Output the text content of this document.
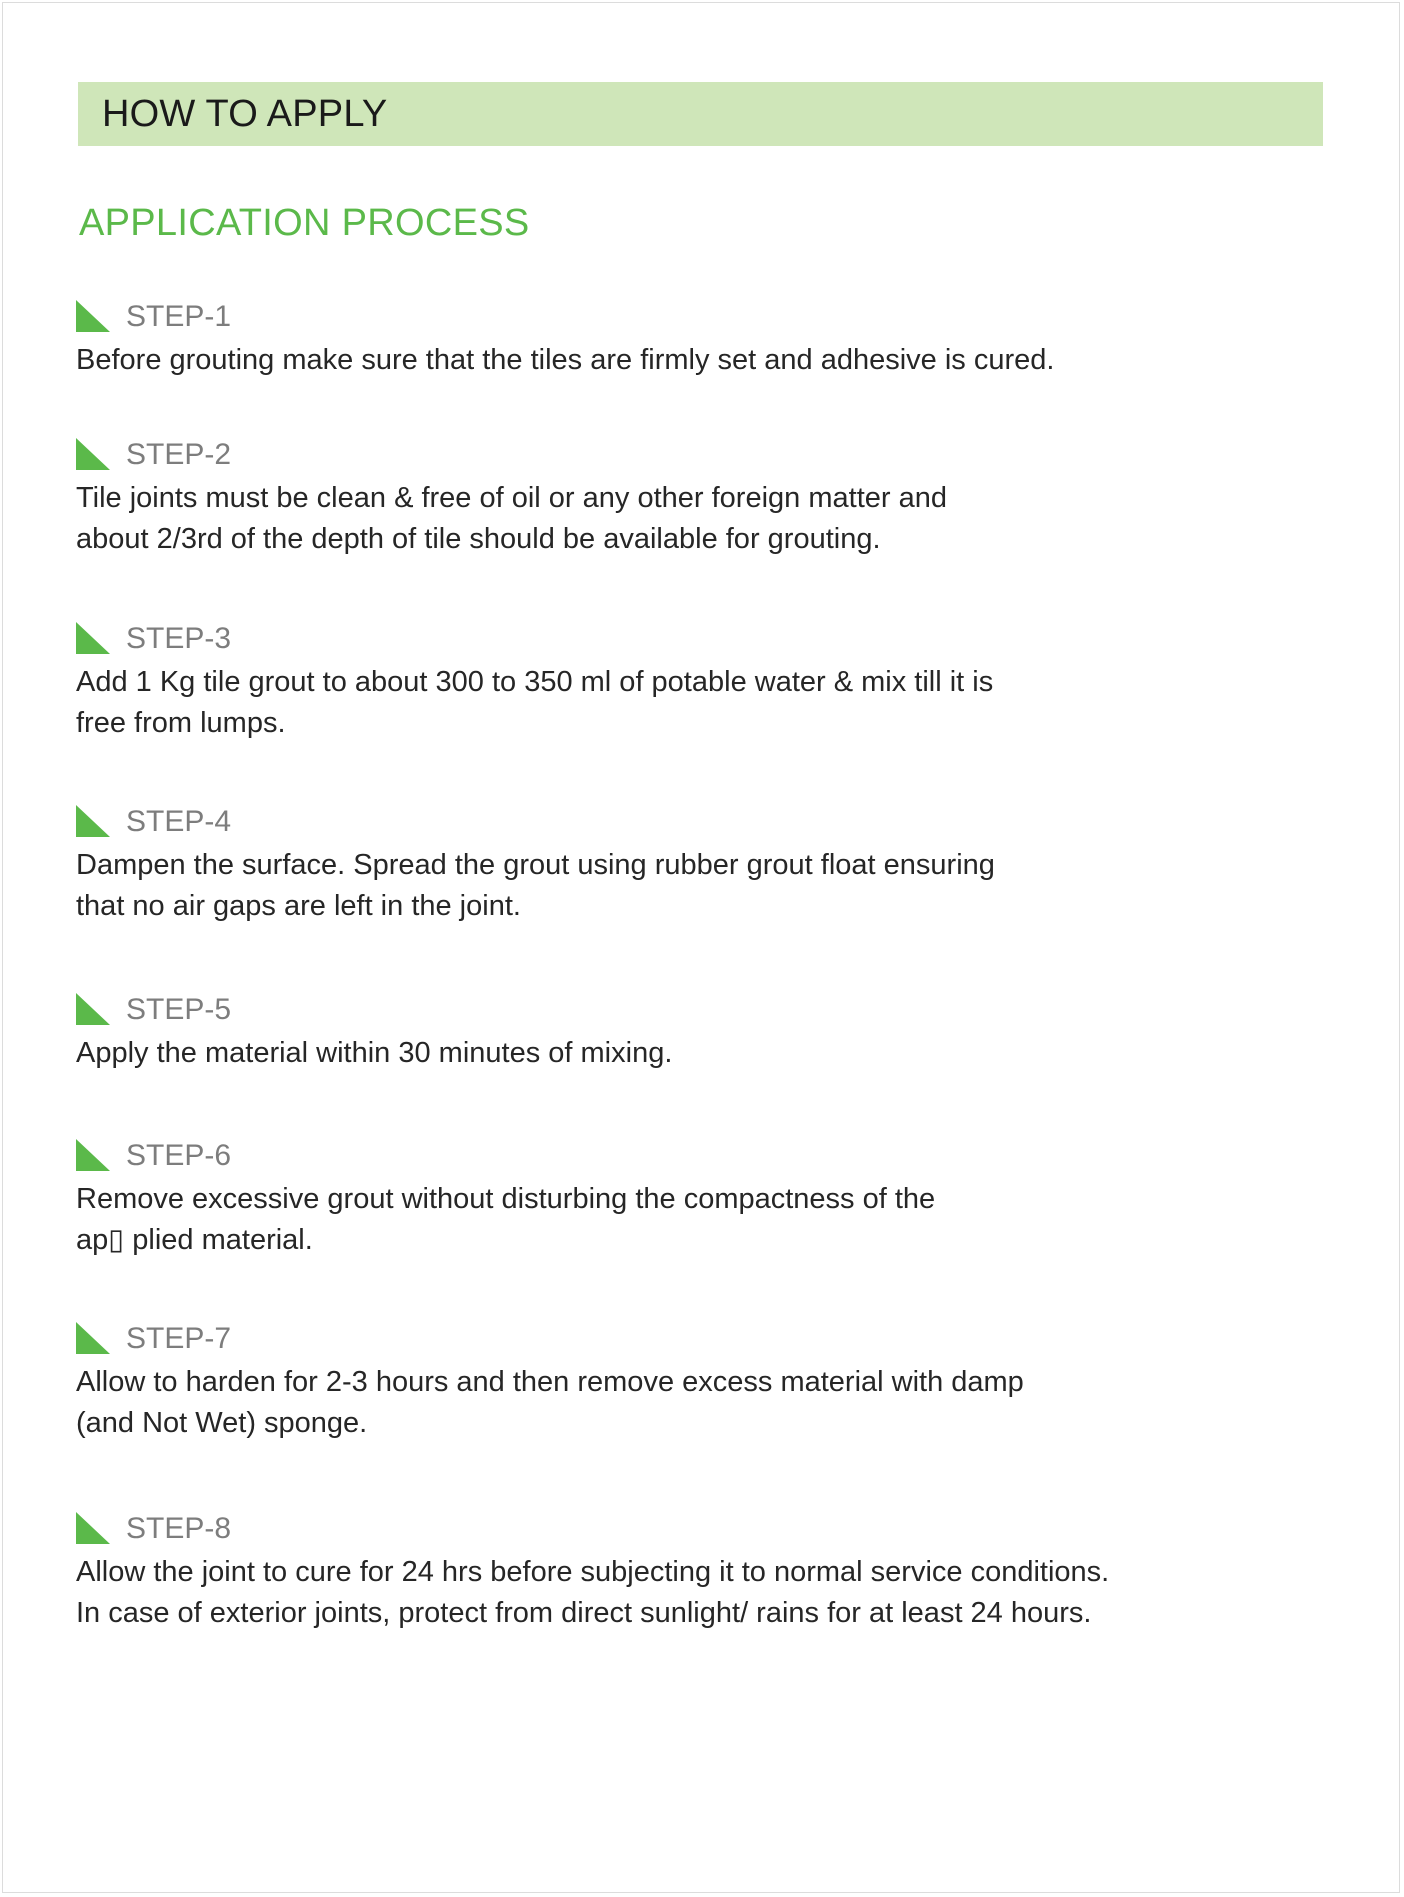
HOW TO APPLY
APPLICATION PROCESS
STEP-1
Before grouting make sure that the tiles are firmly set and adhesive is cured.
STEP-2
Tile joints must be clean & free of oil or any other foreign matter and
about 2/3rd of the depth of tile should be available for grouting.
STEP-3
Add 1 Kg tile grout to about 300 to 350 ml of potable water & mix till it is
free from lumps.
STEP-4
Dampen the surface. Spread the grout using rubber grout float ensuring
that no air gaps are left in the joint.
STEP-5
Apply the material within 30 minutes of mixing.
STEP-6
Remove excessive grout without disturbing the compactness of the
ap▯ plied material.
STEP-7
Allow to harden for 2-3 hours and then remove excess material with damp
(and Not Wet) sponge.
STEP-8
Allow the joint to cure for 24 hrs before subjecting it to normal service conditions.
In case of exterior joints, protect from direct sunlight/ rains for at least 24 hours.
